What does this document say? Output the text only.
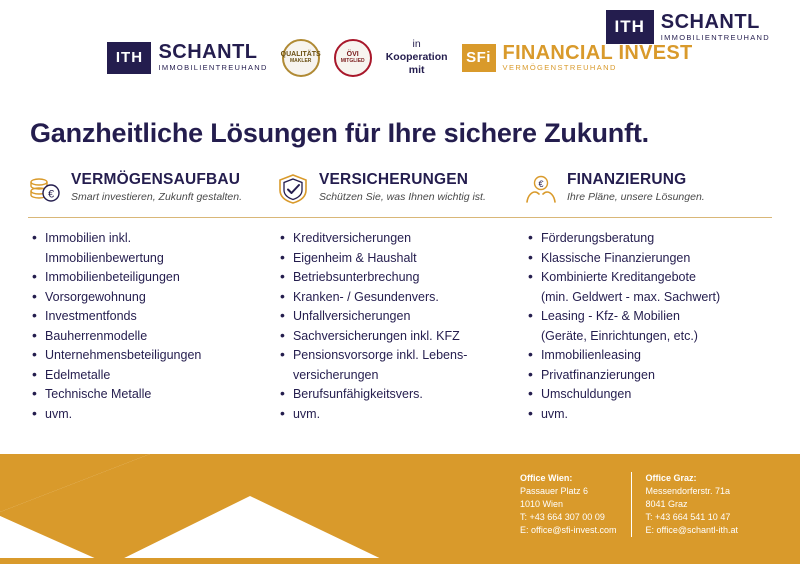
ITH SCHANTL
IMMOBILIENTREUHAND
ITH SCHANTL
IMMOBILIENTREUHAND
QUALITÄTS
MAKLER
ÖVI
MITGLIED
in
Kooperation
mit
SFi FINANCIAL INVEST
VERMÖGENSTREUHAND
Ganzheitliche Lösungen für Ihre sichere Zukunft.
€
VERMÖGENSAUFBAU
Smart investieren, Zukunft gestalten.
VERSICHERUNGEN
Schützen Sie, was Ihnen wichtig ist.
€ FINANZIERUNG
Ihre Pläne, unsere Lösungen.
• Immobilien inkl.
Immobilienbewertung
• Immobilienbeteiligungen
• Vorsorgewohnung
• Investmentfonds
• Bauherrenmodelle
• Unternehmensbeteiligungen
• Edelmetalle
• Technische Metalle
• uvm.
• Kreditversicherungen
• Eigenheim & Haushalt
• Betriebsunterbrechung
• Kranken- / Gesundenvers.
• Unfallversicherungen
• Sachversicherungen inkl. KFZ
• Pensionsvorsorge inkl. Lebens-
versicherungen
• Berufsunfähigkeitsvers.
• uvm.
• Förderungsberatung
• Klassische Finanzierungen
• Kombinierte Kreditangebote
(min. Geldwert - max. Sachwert)
• Leasing - Kfz- & Mobilien
(Geräte, Einrichtungen, etc.)
• Immobilienleasing
• Privatfinanzierungen
• Umschuldungen
• uvm.
Office Wien:
Passauer Platz 6
1010 Wien
T: +43 664 307 00 09
E: office@sfi-invest.com
Office Graz:
Messendorferstr. 71a
8041 Graz
T: +43 664 541 10 47
E: office@schantl-ith.at
